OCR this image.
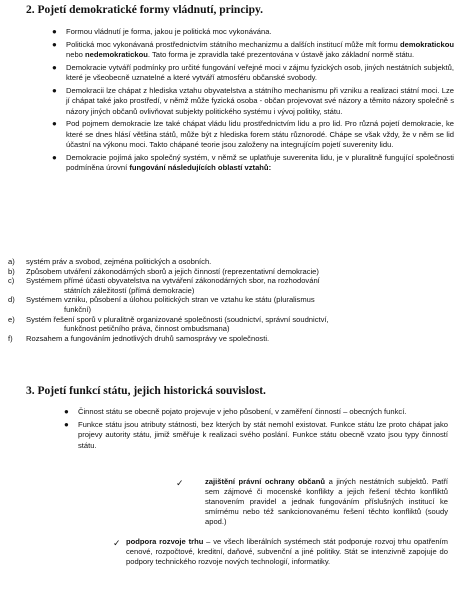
2. Pojetí demokratické formy vládnutí, principy.
● Formou vládnutí je forma, jakou je politická moc vykonávána.
● Politická moc vykonávaná prostřednictvím státního mechanizmu a dalších institucí může mít formu demokratickou nebo nedemokratickou. Tato forma je zpravidla také prezentována v ústavě jako základní normě státu.
● Demokracie vytváří podmínky pro určité fungování veřejné moci v zájmu fyzických osob, jiných nestátních subjektů, které je všeobecně uznatelné a které vytváří atmosféru občanské svobody.
● Demokracii lze chápat z hlediska vztahu obyvatelstva a státního mechanismu při vzniku a realizaci státní moci. Lze jí chápat také jako prostředí, v němž může fyzická osoba - občan projevovat své názory a těmito názory společně s názory jiných občanů ovlivňovat subjekty politického systému i vývoj politiky, státu.
● Pod pojmem demokracie lze také chápat vládu lidu prostřednictvím lidu a pro lid. Pro různá pojetí demokracie, ke které se dnes hlásí většina států, může být z hlediska forem státu různorodé. Chápe se však vždy, že v něm se lid účastní na výkonu moci. Takto chápané teorie jsou založeny na integrujícím pojetí suverenity lidu.
● Demokracie pojímá jako společný systém, v němž se uplatňuje suverenita lidu, je v pluralitně fungující společnosti podmíněna úrovní fungování následujících oblastí vztahů:
a) systém práv a svobod, zejména politických a osobních.
b) Způsobem utváření zákonodárných sborů a jejich činností (reprezentativní demokracie)
c) Systémem přímé účasti obyvatelstva na vytváření zákonodárných sbor, na rozhodování
státních záležitostí (přímá demokracie)
d) Systémem vzniku, působení a úlohou politických stran ve vztahu ke státu (pluralismus
funkční)
e) Systém řešení sporů v pluralitně organizované společnosti (soudnictví, správní soudnictví,
funkčnost petičního práva, činnost ombudsmana)
f) Rozsahem a fungováním jednotlivých druhů samosprávy ve společnosti.
3. Pojetí funkcí státu, jejich historická souvislost.
● Činnost státu se obecně pojato projevuje v jeho působení, v zaměření činností – obecných funkcí.
● Funkce státu jsou atributy státnosti, bez kterých by stát nemohl existovat. Funkce státu lze proto chápat jako projevy autority státu, jimiž směřuje k realizaci svého poslání. Funkce státu obecně vzato jsou typy činností státu.
✓	zajištění právní ochrany občanů a jiných nestátních subjektů. Patří sem zájmové či mocenské konflikty a jejich řešení těchto konfliktů stanovením pravidel a jednak fungováním příslušných institucí ke smírnému nebo též sankcionovanému řešení těchto konfliktů (soudy apod.)
✓ podpora rozvoje trhu – ve všech liberálních systémech stát podporuje rozvoj trhu opatřením cenové, rozpočtové, kreditní, daňové, subvenční a jiné politiky. Stát se intenzivně zapojuje do podpory technického rozvoje nových technologií, informatiky.
